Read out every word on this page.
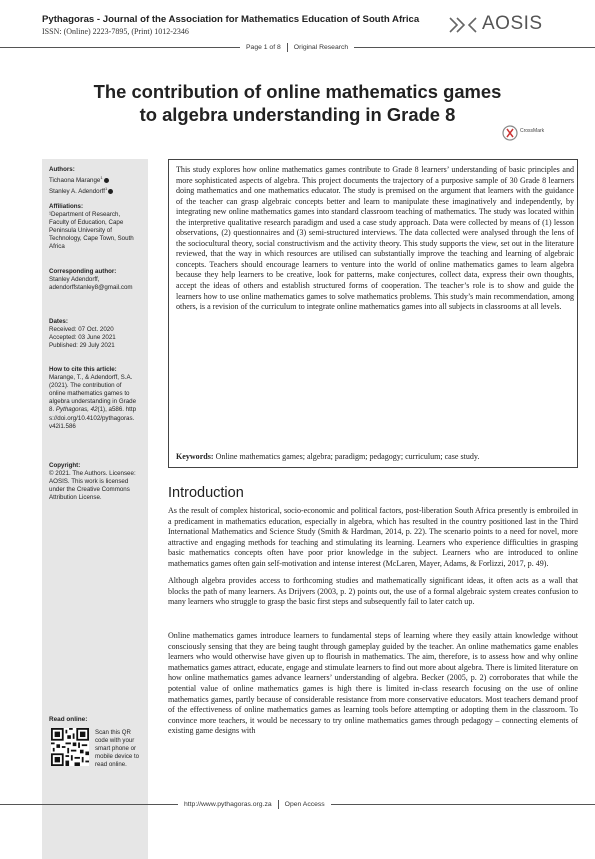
Pythagoras - Journal of the Association for Mathematics Education of South Africa
ISSN: (Online) 2223-7895, (Print) 1012-2346	AOSIS
Page 1 of 8 Original Research
The contribution of online mathematics games
to algebra understanding in Grade 8
CrossMark
Authors:
Tichaona Marange$^1$
Stanley A. Adendorff$^1$
Affiliations:
¹Department of Research, Faculty of Education, Cape Peninsula University of Technology, Cape Town, South Africa
Corresponding author:
Stanley Adendorff,
adendorffstanley8@gmail.com
Dates:
Received: 07 Oct. 2020
Accepted: 03 June 2021
Published: 29 July 2021
How to cite this article:
Marange, T., & Adendorff, S.A. (2021). The contribution of online mathematics games to algebra understanding in Grade 8. Pythagoras, 42(1), a586. https://doi.org/10.4102/pythagoras.v42i1.586
Copyright:
© 2021. The Authors. Licensee: AOSIS. This work is licensed under the Creative Commons Attribution License.
Read online:
Scan this QR code with your smart phone or mobile device to read online.
This study explores how online mathematics games contribute to Grade 8 learners’ understanding of basic principles and more sophisticated aspects of algebra. This project documents the trajectory of a purposive sample of 30 Grade 8 learners doing mathematics and one mathematics educator. The study is premised on the argument that learners with the guidance of the teacher can grasp algebraic concepts better and learn to manipulate these imaginatively and independently, by integrating new online mathematics games into standard classroom teaching of mathematics. The study was located within the interpretive qualitative research paradigm and used a case study approach. Data were collected by means of (1) lesson observations, (2) questionnaires and (3) semi-structured interviews. The data collected were analysed through the lens of the sociocultural theory, social constructivism and the activity theory. This study supports the view, set out in the literature reviewed, that the way in which resources are utilised can substantially improve the teaching and learning of algebraic concepts. Teachers should encourage learners to venture into the world of online mathematics games to learn algebra because they help learners to be creative, look for patterns, make conjectures, collect data, express their own thoughts, accept the ideas of others and establish structured forms of cooperation. The teacher’s role is to show and guide the learners how to use online mathematics games to solve mathematics problems. This study’s main recommendation, among others, is a revision of the curriculum to integrate online mathematics games into all subjects in classrooms at all levels.
Keywords: Online mathematics games; algebra; paradigm; pedagogy; curriculum; case study.
Introduction
As the result of complex historical, socio-economic and political factors, post-liberation South Africa presently is embroiled in a predicament in mathematics education, especially in algebra, which has resulted in the country positioned last in the Third International Mathematics and Science Study (Smith & Hardman, 2014, p. 22). The scenario points to a need for novel, more attractive and engaging methods for teaching and stimulating its learning. Learners who experience difficulties in grasping basic mathematics concepts often have poor prior knowledge in the subject. Learners who are introduced to online mathematics games often gain self-motivation and intense interest (McLaren, Mayer, Adams, & Forlizzi, 2017, p. 49).
Although algebra provides access to forthcoming studies and mathematically significant ideas, it often acts as a wall that blocks the path of many learners. As Drijvers (2003, p. 2) points out, the use of a formal algebraic system creates confusion to many learners who struggle to grasp the basic first steps and subsequently fail to later catch up.
Online mathematics games introduce learners to fundamental steps of learning where they easily attain knowledge without consciously sensing that they are being taught through gameplay guided by the teacher. An online mathematics game enables learners who would otherwise have given up to flourish in mathematics. The aim, therefore, is to assess how and why online mathematics games attract, educate, engage and stimulate learners to find out more about algebra. There is limited literature on how online mathematics games advance learners’ understanding of algebra. Becker (2005, p. 2) corroborates that while the potential value of online mathematics games is high there is limited in-class research focusing on the use of online mathematics games, partly because of considerable resistance from more conservative educators. Most teachers demand proof of the effectiveness of online mathematics games as learning tools before attempting or adopting them in the classroom. To convince more teachers, it would be necessary to try online mathematics games through pedagogy – connecting elements of existing game designs with
http://www.pythagoras.org.za Open Access
